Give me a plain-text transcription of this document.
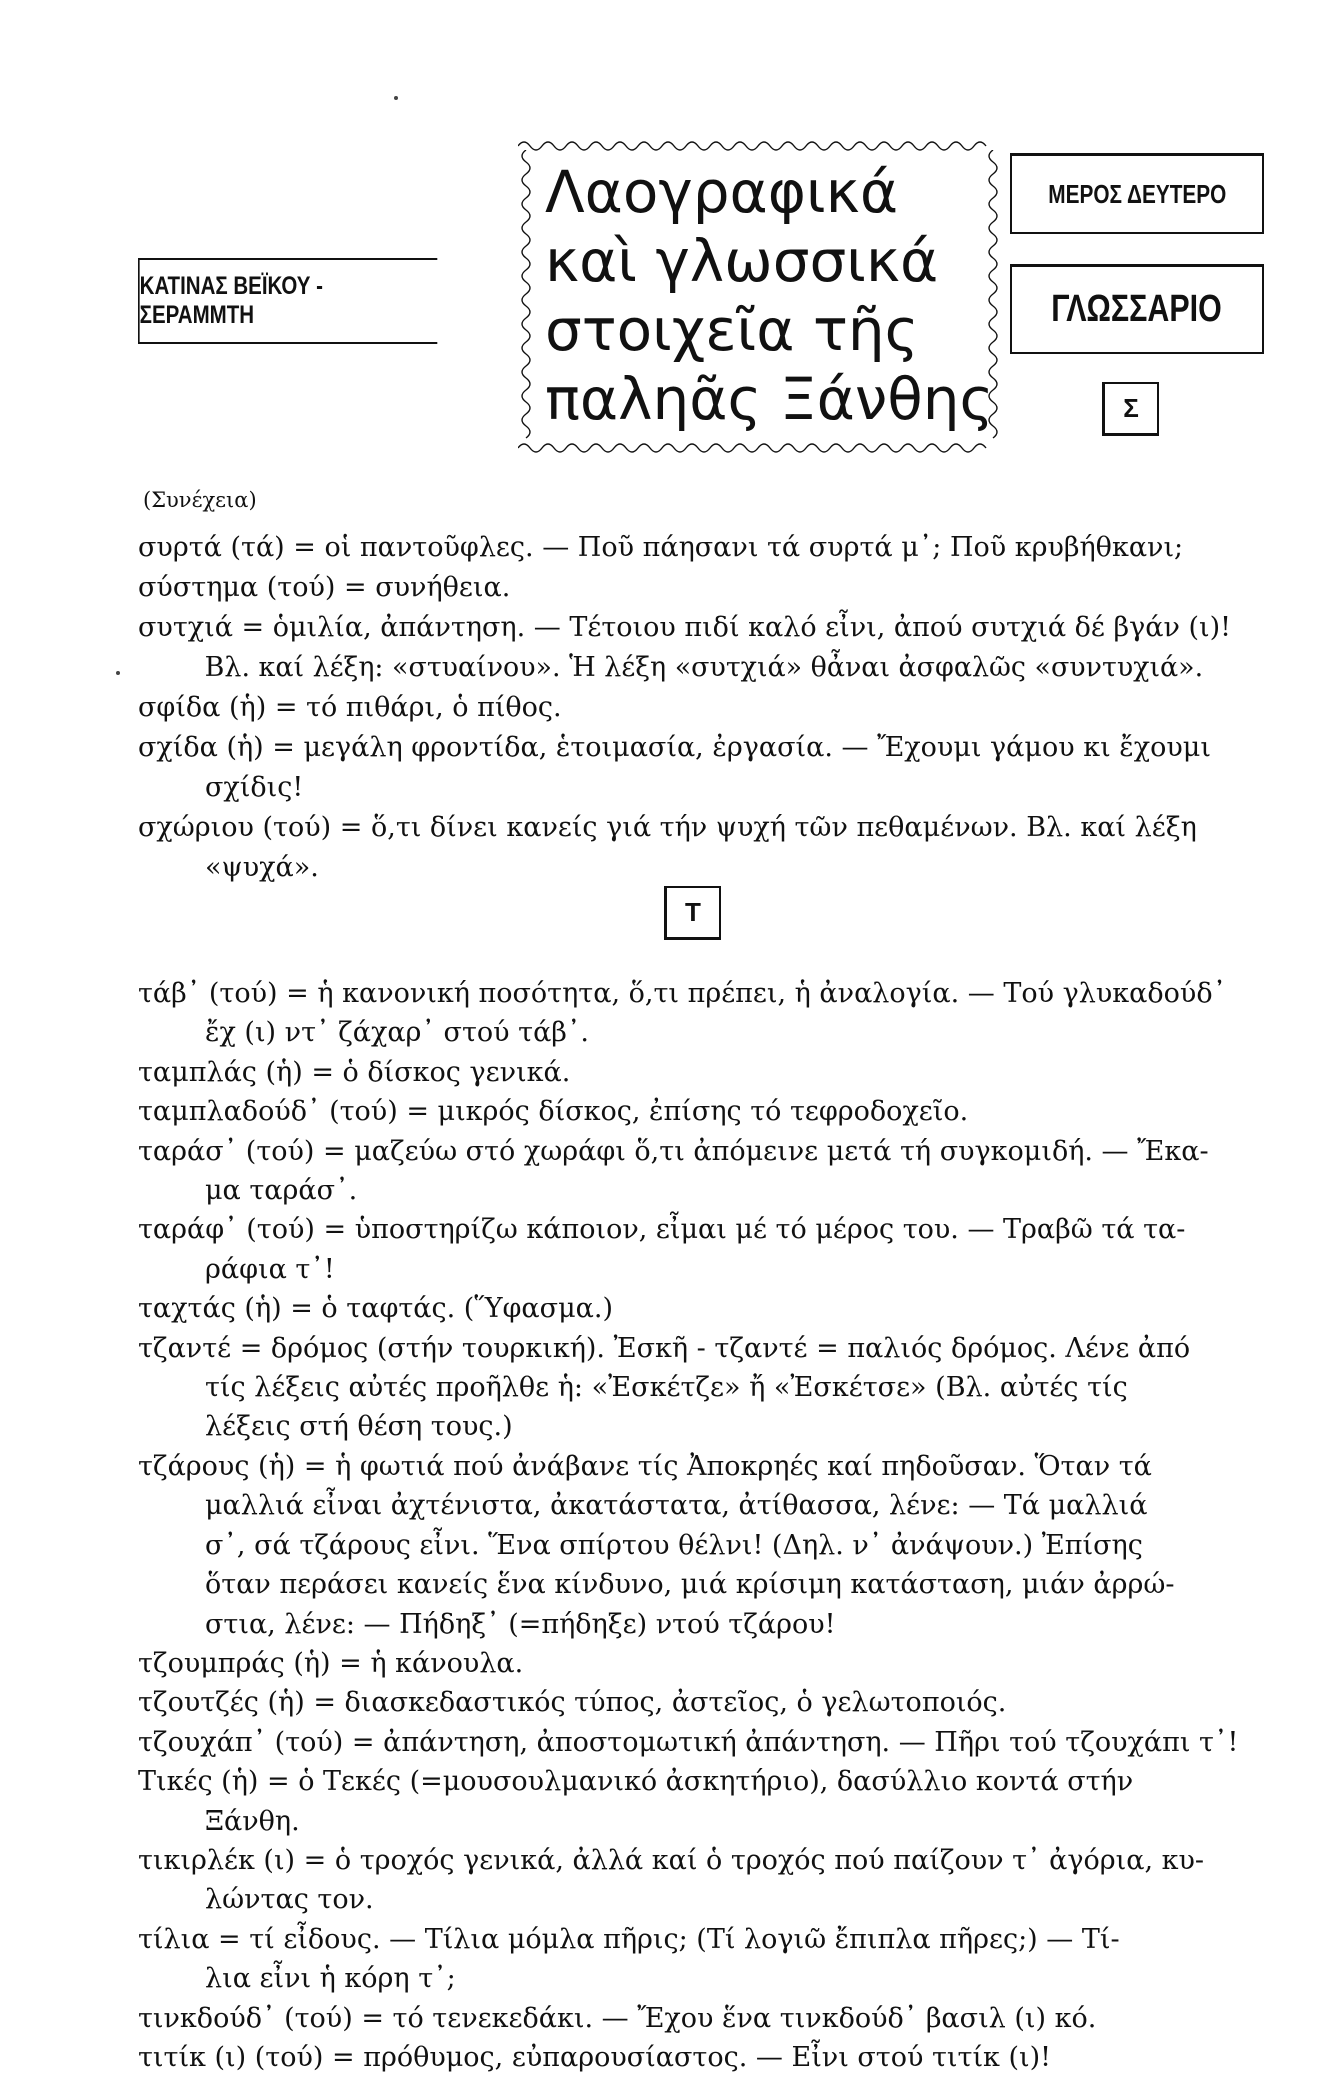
ΚΑΤΙΝΑΣ ΒΕΪΚΟΥ - ΣΕΡΑΜΜΤΗ
Λαογραφικά
καὶ γλωσσικά
στοιχεῖα τῆς
παληᾶς Ξάνθης
ΜΕΡΟΣ ΔΕΥΤΕΡΟ
ΓΛΩΣΣΑΡΙΟ
Σ
(Συνέχεια)
συρτά (τά) = οἱ παντοῦφλες. — Ποῦ πάησανι τά συρτά μ᾽; Ποῦ κρυβήθκανι;
σύστημα (τού) = συνήθεια.
συτχιά = ὁμιλία, ἀπάντηση. — Τέτοιου πιδί καλό εἶνι, ἀπού συτχιά δέ βγάν (ι)!
Βλ. καί λέξη: «στυαίνου». Ἡ λέξη «συτχιά» θἆναι ἀσφαλῶς «συντυχιά».
σφίδα (ἡ) = τό πιθάρι, ὁ πίθος.
σχίδα (ἡ) = μεγάλη φροντίδα, ἑτοιμασία, ἐργασία. — Ἔχουμι γάμου κι ἔχουμι
σχίδις!
σχώριου (τού) = ὅ,τι δίνει κανείς γιά τήν ψυχή τῶν πεθαμένων. Βλ. καί λέξη
«ψυχά».
Τ
τάβ᾽ (τού) = ἡ κανονική ποσότητα, ὅ,τι πρέπει, ἡ ἀναλογία. — Τού γλυκαδούδ᾽
ἔχ (ι) ντ᾽ ζάχαρ᾽ στού τάβ᾽.
ταμπλάς (ἡ) = ὁ δίσκος γενικά.
ταμπλαδούδ᾽ (τού) = μικρός δίσκος, ἐπίσης τό τεφροδοχεῖο.
ταράσ᾽ (τού) = μαζεύω στό χωράφι ὅ,τι ἀπόμεινε μετά τή συγκομιδή. — Ἔκα-
μα ταράσ᾽.
ταράφ᾽ (τού) = ὑποστηρίζω κάποιον, εἶμαι μέ τό μέρος του. — Τραβῶ τά τα-
ράφια τ᾽!
ταχτάς (ἡ) = ὁ ταφτάς. (Ὕφασμα.)
τζαντέ = δρόμος (στήν τουρκική). Ἐσκῆ - τζαντέ = παλιός δρόμος. Λένε ἀπό
τίς λέξεις αὐτές προῆλθε ἡ: «Ἐσκέτζε» ἤ «Ἐσκέτσε» (Βλ. αὐτές τίς
λέξεις στή θέση τους.)
τζάρους (ἡ) = ἡ φωτιά πού ἀνάβανε τίς Ἀποκρηές καί πηδοῦσαν. Ὅταν τά
μαλλιά εἶναι ἀχτένιστα, ἀκατάστατα, ἀτίθασσα, λένε: — Τά μαλλιά
σ᾽, σά τζάρους εἶνι. Ἕνα σπίρτου θέλνι! (Δηλ. ν᾽ ἀνάψουν.) Ἐπίσης
ὅταν περάσει κανείς ἕνα κίνδυνο, μιά κρίσιμη κατάσταση, μιάν ἀρρώ-
στια, λένε: — Πήδηξ᾽ (=πήδηξε) ντού τζάρου!
τζουμπράς (ἡ) = ἡ κάνουλα.
τζουτζές (ἡ) = διασκεδαστικός τύπος, ἀστεῖος, ὁ γελωτοποιός.
τζουχάπ᾽ (τού) = ἀπάντηση, ἀποστομωτική ἀπάντηση. — Πῆρι τού τζουχάπι τ᾽!
Τικές (ἡ) = ὁ Τεκές (=μουσουλμανικό ἀσκητήριο), δασύλλιο κοντά στήν
Ξάνθη.
τικιρλέκ (ι) = ὁ τροχός γενικά, ἀλλά καί ὁ τροχός πού παίζουν τ᾽ ἀγόρια, κυ-
λώντας τον.
τίλια = τί εἶδους. — Τίλια μόμλα πῆρις; (Τί λογιῶ ἔπιπλα πῆρες;) — Τί-
λια εἶνι ἡ κόρη τ᾽;
τινκδούδ᾽ (τού) = τό τενεκεδάκι. — Ἔχου ἕνα τινκδούδ᾽ βασιλ (ι) κό.
τιτίκ (ι) (τού) = πρόθυμος, εὐπαρουσίαστος. — Εἶνι στού τιτίκ (ι)!
